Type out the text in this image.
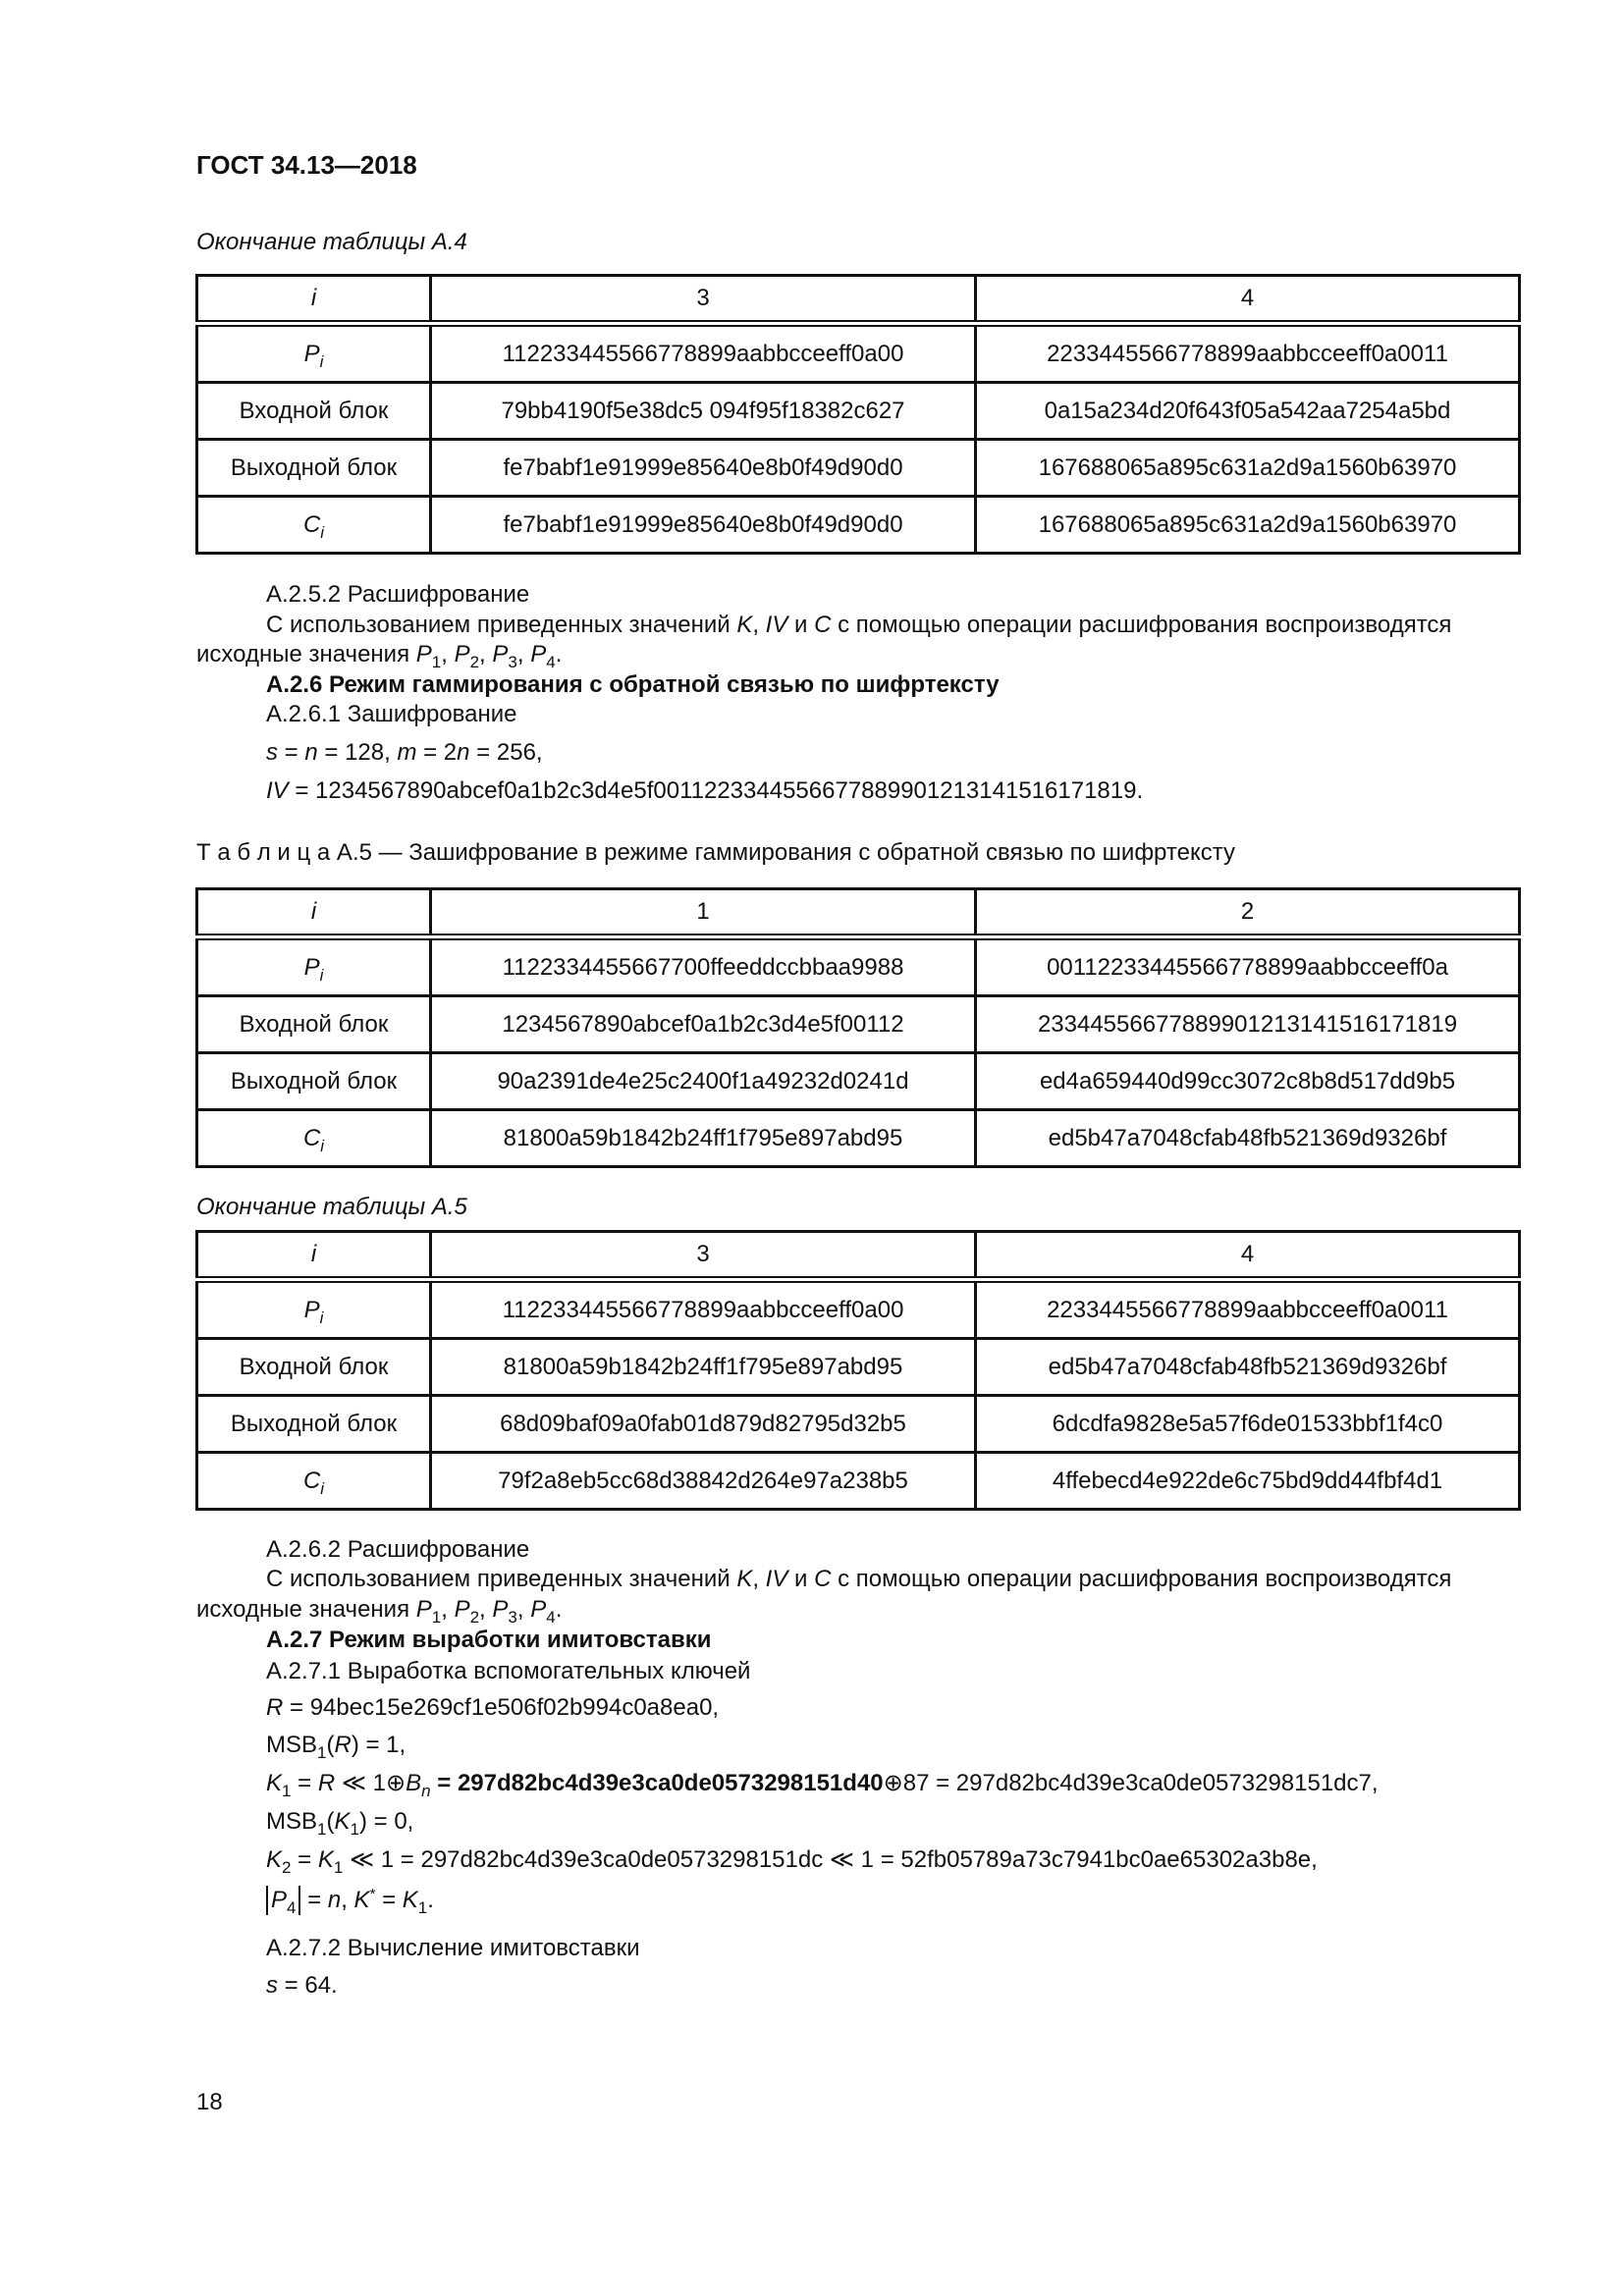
ГОСТ 34.13—2018
Окончание таблицы А.4
i	3	4
$P_i$	112233445566778899aabbcceeff0a00	2233445566778899aabbcceeff0a0011
Входной блок	79bb4190f5e38dc5 094f95f18382c627	0a15a234d20f643f05a542aa7254a5bd
Выходной блок	fe7babf1e91999e85640e8b0f49d90d0	167688065a895c631a2d9a1560b63970
$C_i$	fe7babf1e91999e85640e8b0f49d90d0	167688065a895c631a2d9a1560b63970
А.2.5.2 Расшифрование
С использованием приведенных значений K, IV и C с помощью операции расшифрования воспроизводятся
исходные значения $P_1$, $P_2$, $P_3$, $P_4$.
А.2.6 Режим гаммирования с обратной связью по шифртексту
А.2.6.1 Зашифрование
s = n = 128, m = 2n = 256,
IV = 1234567890abcef0a1b2c3d4e5f0011223344556677889901213141516171819.
Т а б л и ц а А.5 — Зашифрование в режиме гаммирования с обратной связью по шифртексту
i	1	2
$P_i$	1122334455667700ffeeddccbbaa9988	00112233445566778899aabbcceeff0a
Входной блок	1234567890abcef0a1b2c3d4e5f00112	23344556677889901213141516171819
Выходной блок	90a2391de4e25c2400f1a49232d0241d	ed4a659440d99cc3072c8b8d517dd9b5
$C_i$	81800a59b1842b24ff1f795e897abd95	ed5b47a7048cfab48fb521369d9326bf
Окончание таблицы А.5
i	3	4
$P_i$	112233445566778899aabbcceeff0a00	2233445566778899aabbcceeff0a0011
Входной блок	81800a59b1842b24ff1f795e897abd95	ed5b47a7048cfab48fb521369d9326bf
Выходной блок	68d09baf09a0fab01d879d82795d32b5	6dcdfa9828e5a57f6de01533bbf1f4c0
$C_i$	79f2a8eb5cc68d38842d264e97a238b5	4ffebecd4e922de6c75bd9dd44fbf4d1
А.2.6.2 Расшифрование
С использованием приведенных значений K, IV и C с помощью операции расшифрования воспроизводятся
исходные значения $P_1$, $P_2$, $P_3$, $P_4$.
А.2.7 Режим выработки имитовставки
А.2.7.1 Выработка вспомогательных ключей
R = 94bec15e269cf1e506f02b994c0a8ea0,
$MSB_1(R) = 1$,
$K_1 = R$ ≪ $1\oplus B_n$ = 297d82bc4d39e3ca0de0573298151d40⊕87 = 297d82bc4d39e3ca0de0573298151dc7,
$MSB_1(K_1) = 0$,
$K_2 = K_1$ ≪ 1 = 297d82bc4d39e3ca0de0573298151dc ≪ 1 = 52fb05789a73c7941bc0ae65302a3b8e,
$P_4 = n$, $K^* = K_1$.
А.2.7.2 Вычисление имитовставки
s = 64.
18
